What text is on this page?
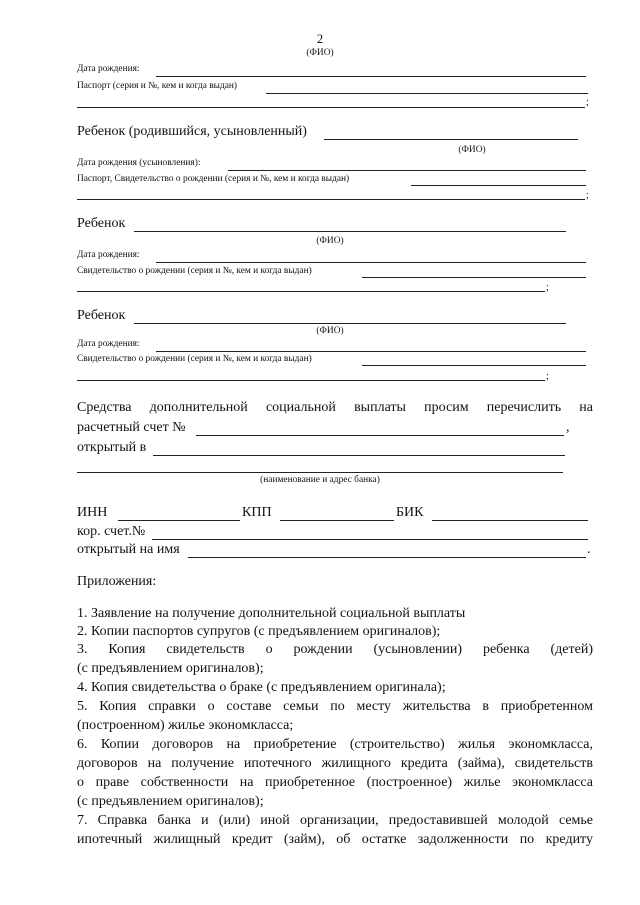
2
(ФИО)
Дата рождения:
Паспорт (серия и №, кем и когда выдан)
;
Ребенок (родившийся, усыновленный)
(ФИО)
Дата рождения (усыновления):
Паспорт, Свидетельство о рождении (серия и №, кем и когда выдан)
;
Ребенок
(ФИО)
Дата рождения:
Свидетельство о рождении (серия и №, кем и когда выдан)
;
Ребенок
(ФИО)
Дата рождения:
Свидетельство о рождении (серия и №, кем и когда выдан)
;
Средства дополнительной социальной выплаты просим перечислить на
расчетный счет №	,
открытый в
(наименование и адрес банка)
ИНН	КПП	БИК
кор. счет.№
открытый на имя	.
Приложения:
1. Заявление на получение дополнительной социальной выплаты
2. Копии паспортов супругов (с предъявлением оригиналов);
3. Копия свидетельств о рождении (усыновлении) ребенка (детей)
(с предъявлением оригиналов);
4. Копия свидетельства о браке (с предъявлением оригинала);
5. Копия справки о составе семьи по месту жительства в приобретенном
(построенном) жилье экономкласса;
6. Копии договоров на приобретение (строительство) жилья экономкласса,
договоров на получение ипотечного жилищного кредита (займа), свидетельств
о праве собственности на приобретенное (построенное) жилье экономкласса
(с предъявлением оригиналов);
7. Справка банка и (или) иной организации, предоставившей молодой семье
ипотечный жилищный кредит (займ), об остатке задолженности по кредиту
